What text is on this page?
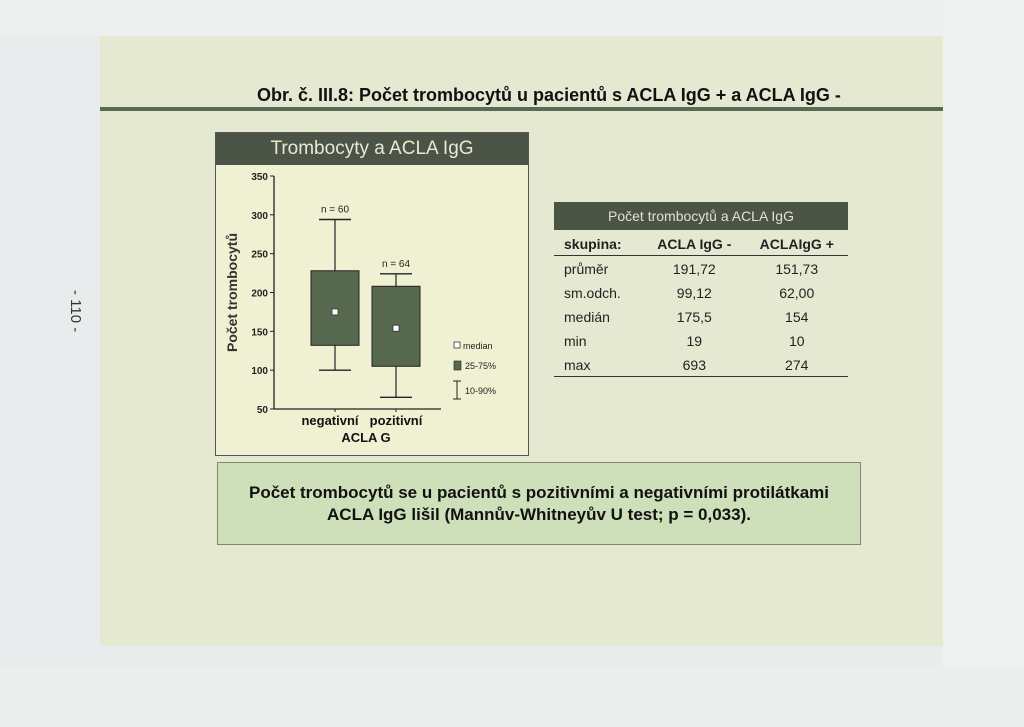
- 110 -
Obr. č. III.8: Počet trombocytů u pacientů s ACLA IgG + a ACLA IgG -
Trombocyty a ACLA IgG
Počet trombocytů
50
100
150
200
250
300
350
n = 60
negativní
n = 64
pozitivní
ACLA G
median
25-75%
10-90%
Počet trombocytů a ACLA IgG
skupina:	ACLA IgG -	ACLAIgG +
průměr	191,72	151,73
sm.odch.	99,12	62,00
medián	175,5	154
min	19	10
max	693	274
Počet trombocytů se u pacientů s pozitivními a negativními protilátkami
ACLA IgG lišil (Mannův-Whitneyův U test; p = 0,033).
